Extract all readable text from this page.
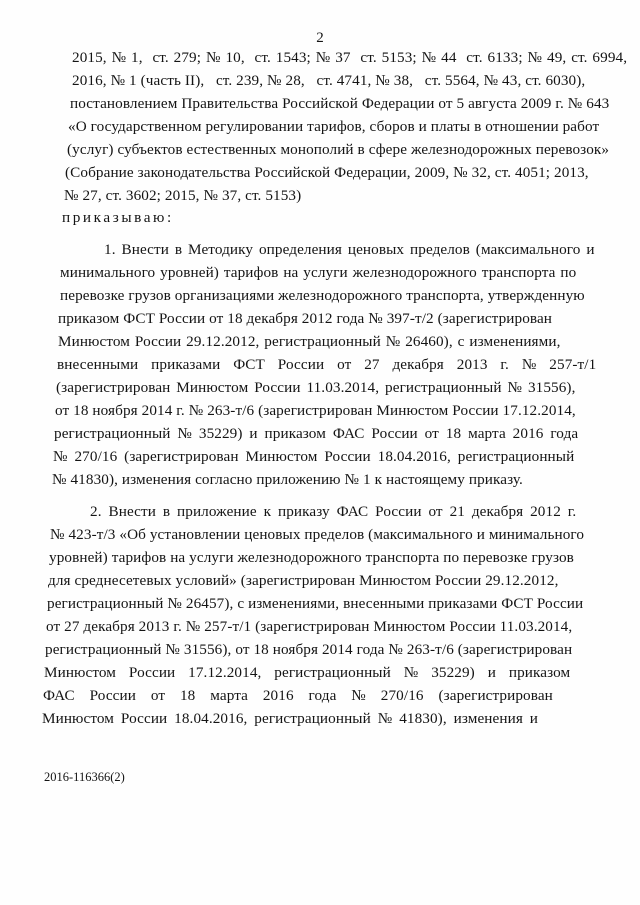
2
2015, № 1,  ст. 279; № 10,  ст. 1543; № 37  ст. 5153; № 44  ст. 6133; № 49, ст. 6994,
2016, № 1 (часть II),   ст. 239, № 28,   ст. 4741, № 38,   ст. 5564, № 43, ст. 6030),
постановлением Правительства Российской Федерации от 5 августа 2009 г. № 643
«О государственном регулировании тарифов, сборов и платы в отношении работ
(услуг) субъектов естественных монополий в сфере железнодорожных перевозок»
(Собрание законодательства Российской Федерации, 2009, № 32, ст. 4051; 2013,
№ 27, ст. 3602; 2015, № 37, ст. 5153)
приказываю:
1. Внести в Методику определения ценовых пределов (максимального и
минимального уровней) тарифов на услуги железнодорожного транспорта по
перевозке грузов организациями железнодорожного транспорта, утвержденную
приказом ФСТ России от 18 декабря 2012 года № 397-т/2 (зарегистрирован
Минюстом России 29.12.2012, регистрационный № 26460), с изменениями,
внесенными приказами ФСТ России от 27 декабря 2013 г. № 257-т/1
(зарегистрирован Минюстом России 11.03.2014, регистрационный № 31556),
от 18 ноября 2014 г. № 263-т/6 (зарегистрирован Минюстом России 17.12.2014,
регистрационный № 35229) и приказом ФАС России от 18 марта 2016 года
№ 270/16 (зарегистрирован Минюстом России 18.04.2016, регистрационный
№ 41830), изменения согласно приложению № 1 к настоящему приказу.
2. Внести в приложение к приказу ФАС России от 21 декабря 2012 г.
№ 423-т/3 «Об установлении ценовых пределов (максимального и минимального
уровней) тарифов на услуги железнодорожного транспорта по перевозке грузов
для среднесетевых условий» (зарегистрирован Минюстом России 29.12.2012,
регистрационный № 26457), с изменениями, внесенными приказами ФСТ России
от 27 декабря 2013 г. № 257-т/1 (зарегистрирован Минюстом России 11.03.2014,
регистрационный № 31556), от 18 ноября 2014 года № 263-т/6 (зарегистрирован
Минюстом России 17.12.2014, регистрационный № 35229) и приказом
ФАС России от 18 марта 2016 года № 270/16 (зарегистрирован
Минюстом России 18.04.2016, регистрационный № 41830), изменения и
2016-116366(2)
